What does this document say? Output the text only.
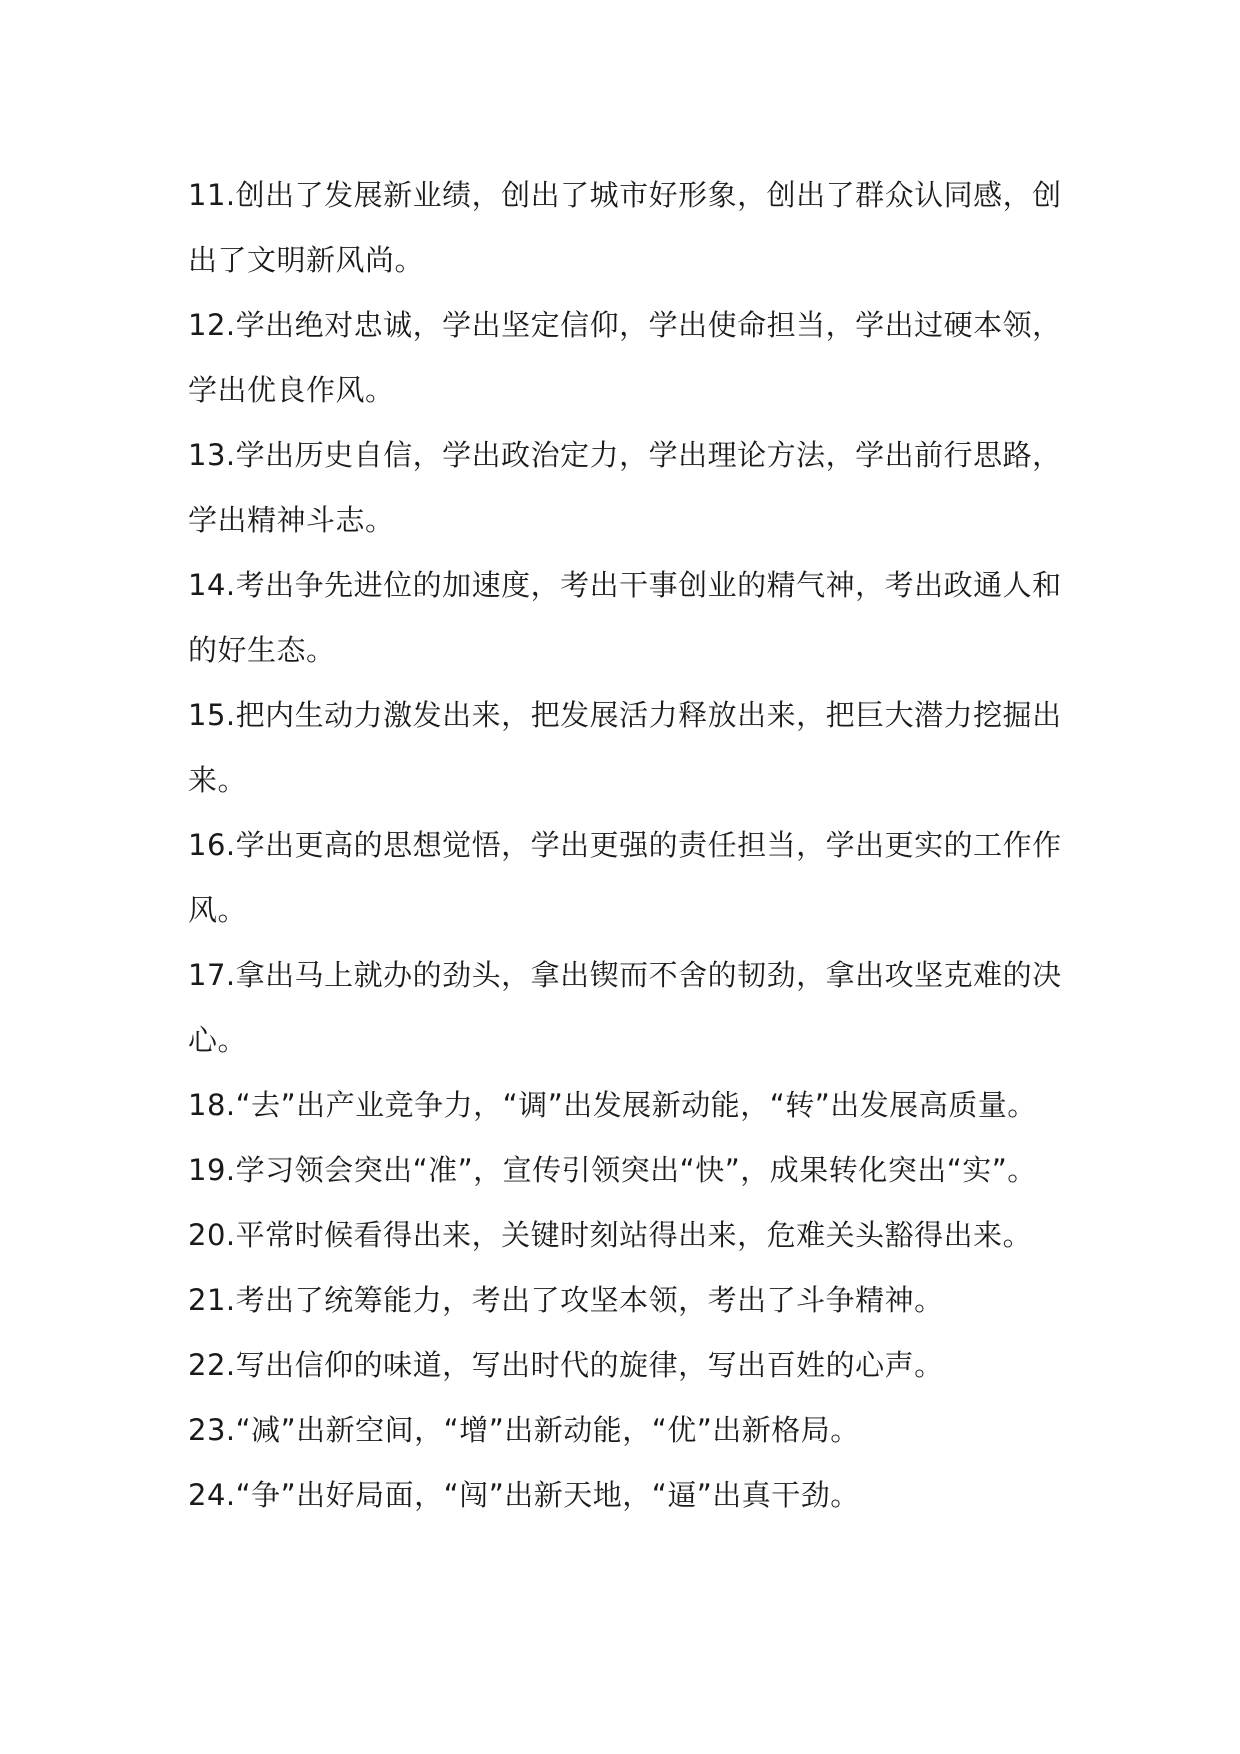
11.创出了发展新业绩，创出了城市好形象，创出了群众认同感，创出了文明新风尚。

12.学出绝对忠诚，学出坚定信仰，学出使命担当，学出过硬本领，学出优良作风。

13.学出历史自信，学出政治定力，学出理论方法，学出前行思路，学出精神斗志。

14.考出争先进位的加速度，考出干事创业的精气神，考出政通人和的好生态。

15.把内生动力激发出来，把发展活力释放出来，把巨大潜力挖掘出来。

16.学出更高的思想觉悟，学出更强的责任担当，学出更实的工作作风。

17.拿出马上就办的劲头，拿出锲而不舍的韧劲，拿出攻坚克难的决心。

18.“去”出产业竞争力，“调”出发展新动能，“转”出发展高质量。

19.学习领会突出“准”，宣传引领突出“快”，成果转化突出“实”。

20.平常时候看得出来，关键时刻站得出来，危难关头豁得出来。

21.考出了统筹能力，考出了攻坚本领，考出了斗争精神。

22.写出信仰的味道，写出时代的旋律，写出百姓的心声。

23.“减”出新空间，“增”出新动能，“优”出新格局。

24.“争”出好局面，“闯”出新天地，“逼”出真干劲。
